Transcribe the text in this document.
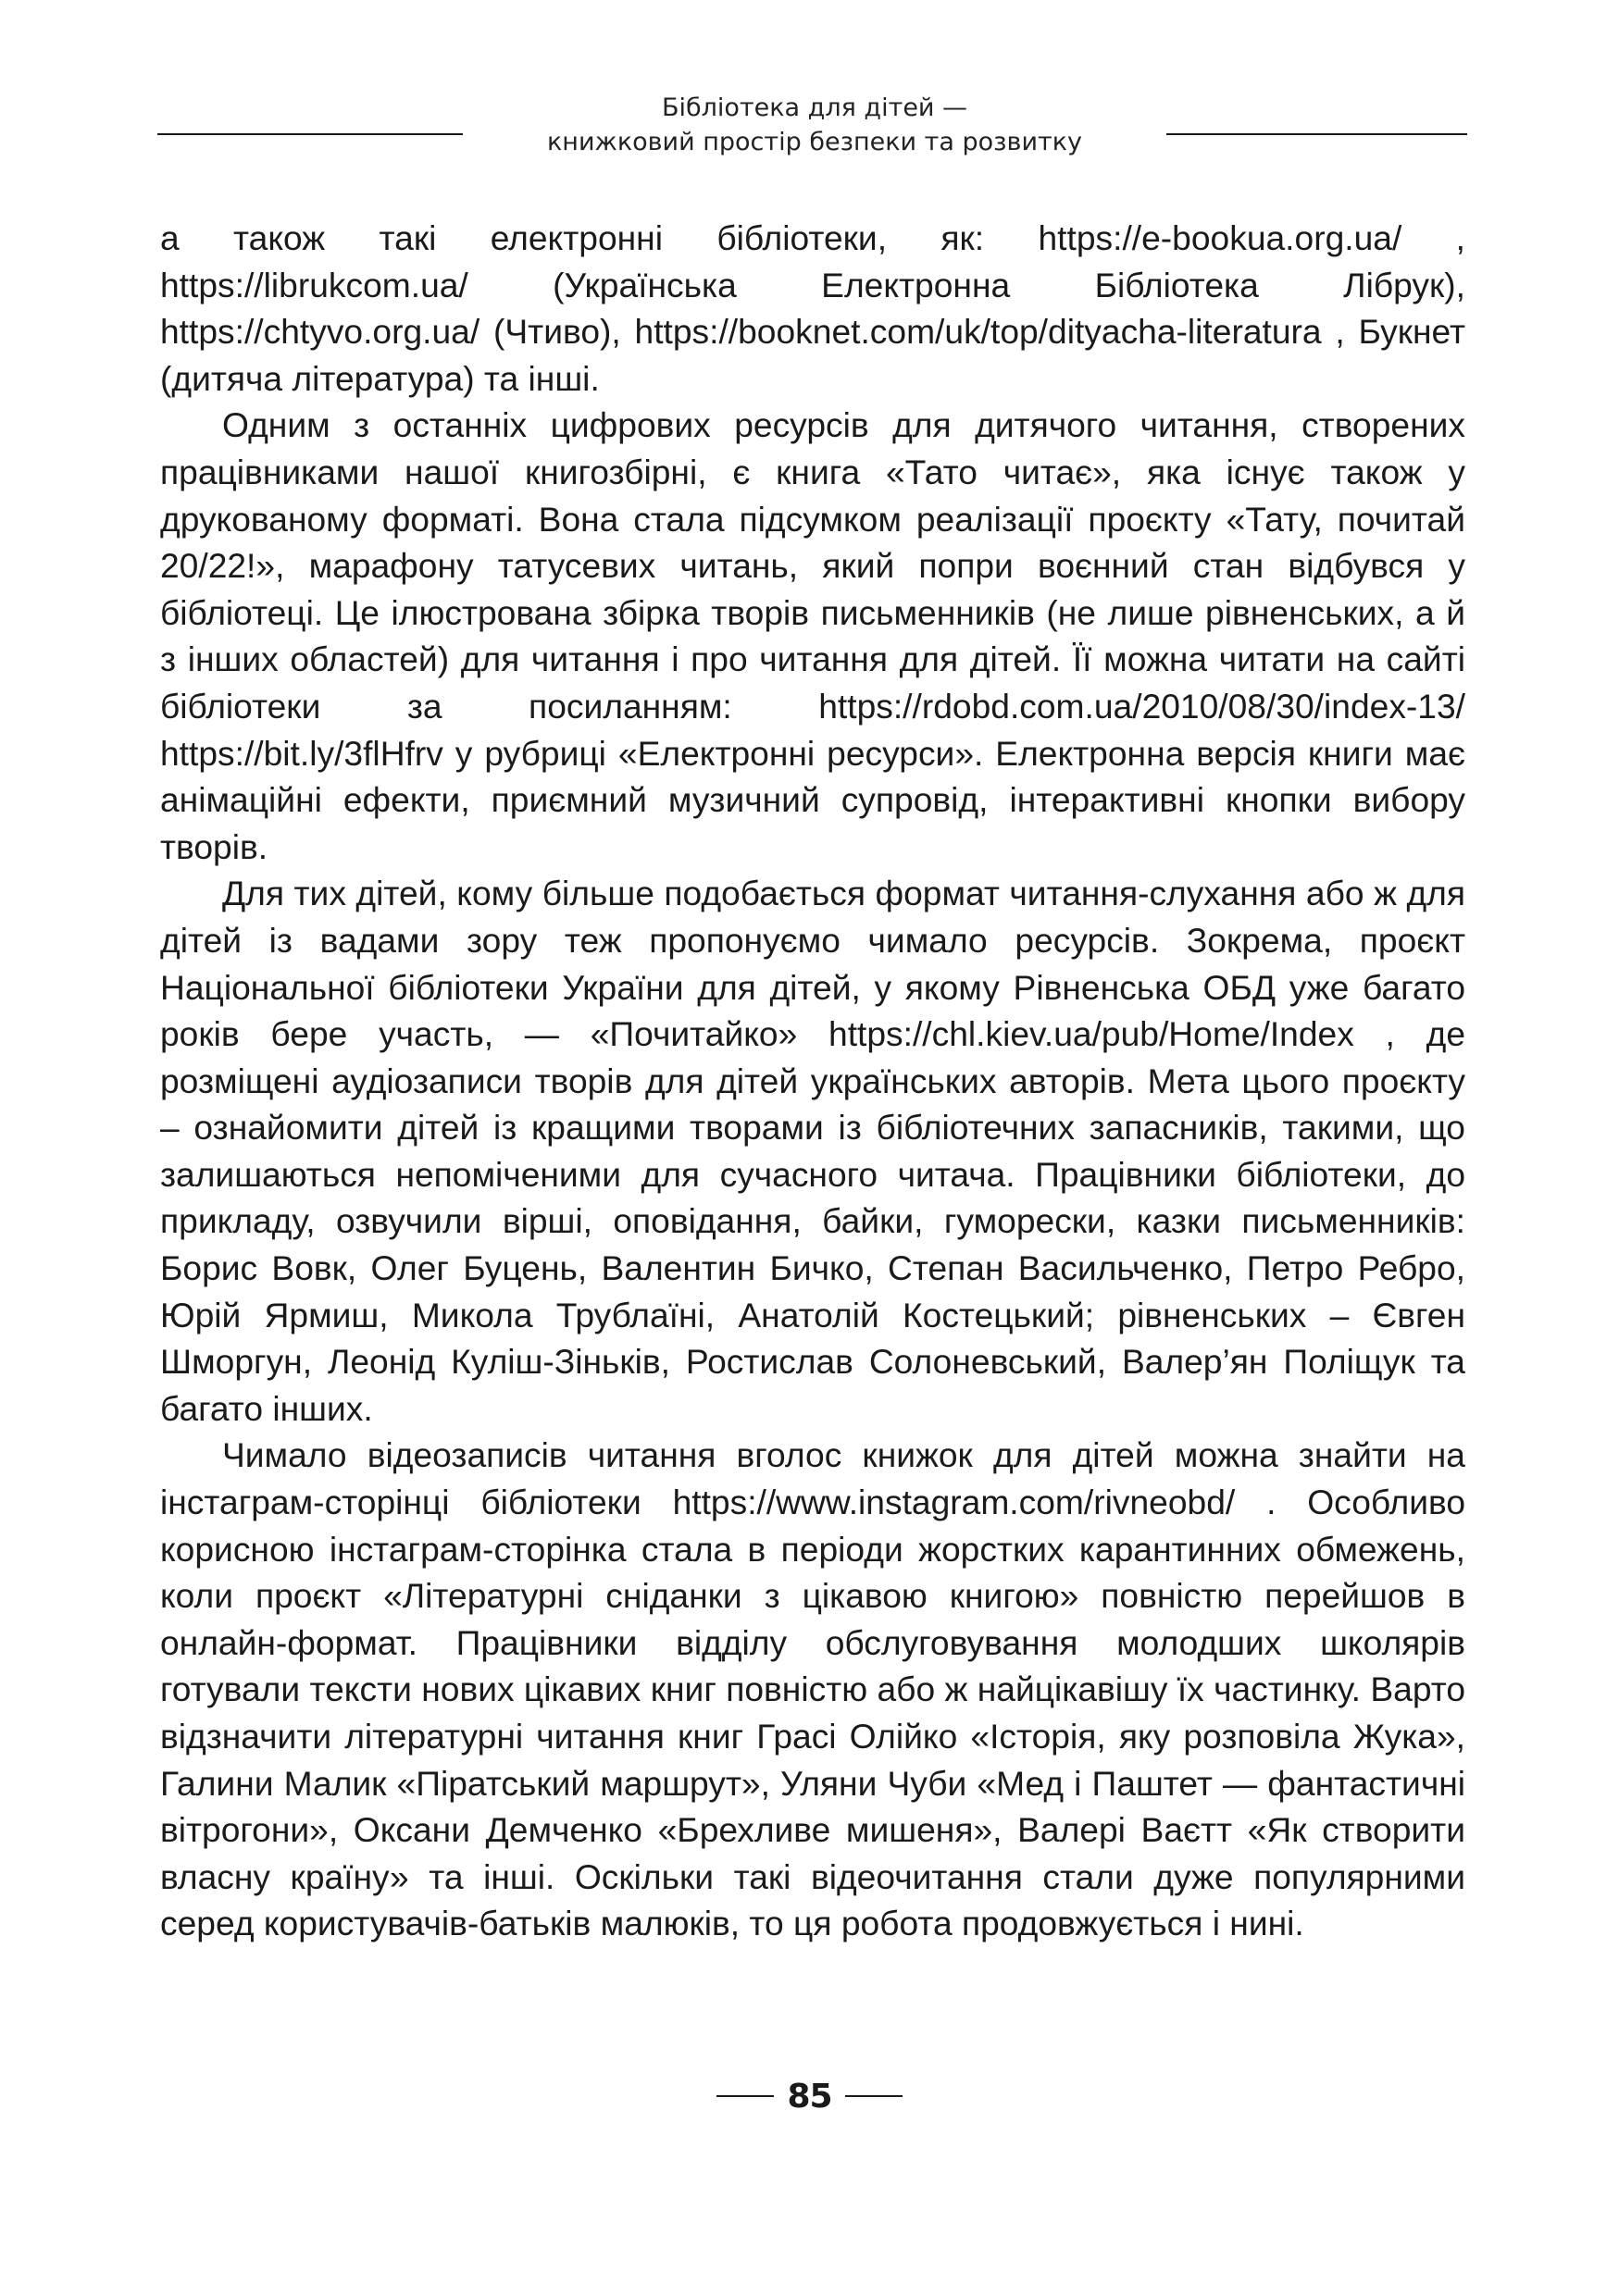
Бібліотека для дітей —
книжковий простір безпеки та розвитку

а також такі електронні бібліотеки, як: https://e-bookua.org.ua/ , https://librukcom.ua/ (Українська Електронна Бібліотека Лібрук), https://chtyvo.org.ua/ (Чтиво), https://booknet.com/uk/top/dityacha-literatura , Букнет (дитяча література) та інші.

Одним з останніх цифрових ресурсів для дитячого читання, створених працівниками нашої книгозбірні, є книга «Тато читає», яка існує також у друкованому форматі. Вона стала підсумком реалізації проєкту «Тату, почитай 20/22!», марафону татусевих читань, який попри воєнний стан відбувся у бібліотеці. Це ілюстрована збірка творів письменників (не лише рівненських, а й з інших областей) для читання і про читання для дітей. Її можна читати на сайті бібліотеки за посиланням: https://rdobd.com.ua/2010/08/30/index-13/ https://bit.ly/3flHfrv у рубриці «Електронні ресурси». Електронна версія книги має анімаційні ефекти, приємний музичний супровід, інтерактивні кнопки вибору творів.

Для тих дітей, кому більше подобається формат читання-слухання або ж для дітей із вадами зору теж пропонуємо чимало ресурсів. Зокрема, проєкт Національної бібліотеки України для дітей, у якому Рівненська ОБД уже багато років бере участь, — «Почитайко» https://chl.kiev.ua/pub/Home/Index , де розміщені аудіозаписи творів для дітей українських авторів. Мета цього проєкту – ознайомити дітей із кращими творами із бібліотечних запасників, такими, що залишаються непоміченими для сучасного читача. Працівники бібліотеки, до прикладу, озвучили вірші, оповідання, байки, гуморески, казки письменників: Борис Вовк, Олег Буцень, Валентин Бичко, Степан Васильченко, Петро Ребро, Юрій Ярмиш, Микола Трублаїні, Анатолій Костецький; рівненських – Євген Шморгун, Леонід Куліш-Зіньків, Ростислав Солоневський, Валер’ян Поліщук та багато інших.

Чимало відеозаписів читання вголос книжок для дітей можна знайти на інстаграм-сторінці бібліотеки https://www.instagram.com/rivneobd/ . Особливо корисною інстаграм-сторінка стала в періоди жорстких карантинних обмежень, коли проєкт «Літературні сніданки з цікавою книгою» повністю перейшов в онлайн-формат. Працівники відділу обслуговування молодших школярів готували тексти нових цікавих книг повністю або ж найцікавішу їх частинку. Варто відзначити літературні читання книг Грасі Олійко «Історія, яку розповіла Жука», Галини Малик «Піратський маршрут», Уляни Чуби «Мед і Паштет — фантастичні вітрогони», Оксани Демченко «Брехливе мишеня», Валері Ваєтт «Як створити власну країну» та інші. Оскільки такі відеочитання стали дуже популярними серед користувачів-батьків малюків, то ця робота продовжується і нині.

85
